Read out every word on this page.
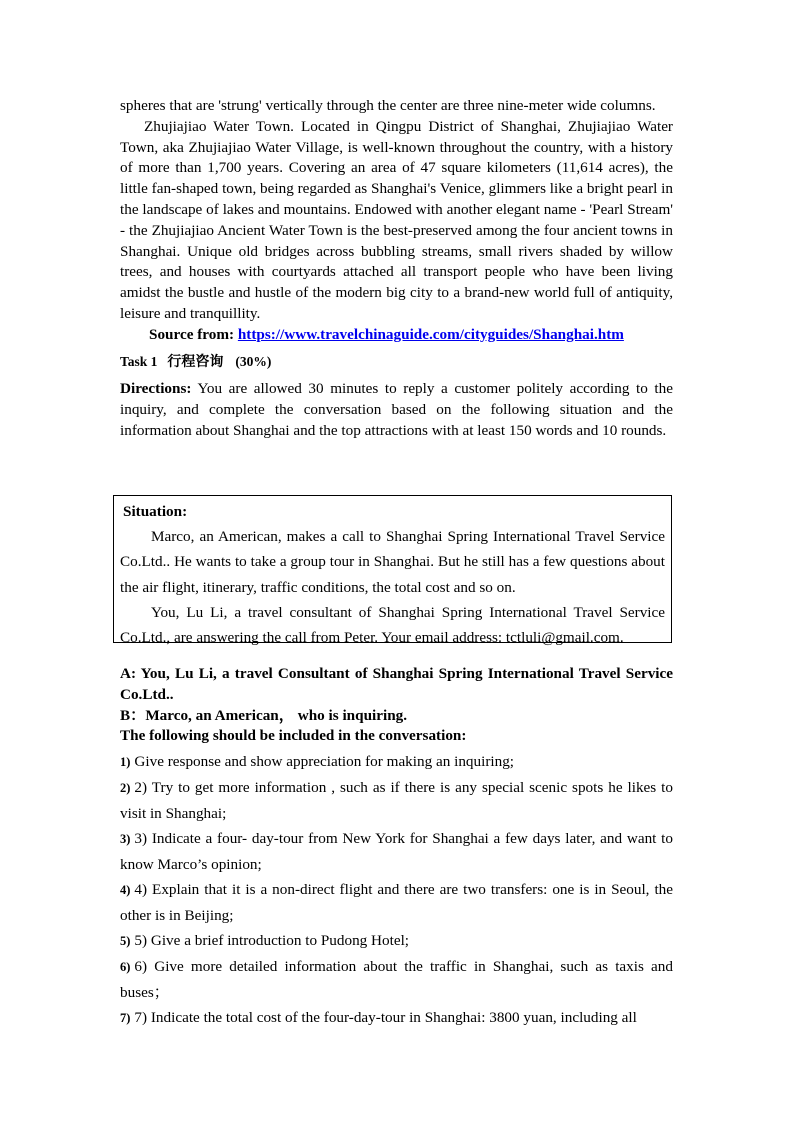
spheres that are 'strung' vertically through the center are three nine-meter wide columns.

Zhujiajiao Water Town. Located in Qingpu District of Shanghai, Zhujiajiao Water Town, aka Zhujiajiao Water Village, is well-known throughout the country, with a history of more than 1,700 years. Covering an area of 47 square kilometers (11,614 acres), the little fan-shaped town, being regarded as Shanghai's Venice, glimmers like a bright pearl in the landscape of lakes and mountains. Endowed with another elegant name - 'Pearl Stream' - the Zhujiajiao Ancient Water Town is the best-preserved among the four ancient towns in Shanghai. Unique old bridges across bubbling streams, small rivers shaded by willow trees, and houses with courtyards attached all transport people who have been living amidst the bustle and hustle of the modern big city to a brand-new world full of antiquity, leisure and tranquillity.

Source from: https://www.travelchinaguide.com/cityguides/Shanghai.htm

Task 1 行程咨询 (30%)

Directions: You are allowed 30 minutes to reply a customer politely according to the inquiry, and complete the conversation based on the following situation and the information about Shanghai and the top attractions with at least 150 words and 10 rounds.

Situation:

Marco, an American, makes a call to Shanghai Spring International Travel Service Co.Ltd.. He wants to take a group tour in Shanghai. But he still has a few questions about the air flight, itinerary, traffic conditions, the total cost and so on.

You, Lu Li, a travel consultant of Shanghai Spring International Travel Service Co.Ltd., are answering the call from Peter. Your email address: tctluli@gmail.com.

A: You, Lu Li, a travel Consultant of Shanghai Spring International Travel Service Co.Ltd..

B：Marco, an American， who is inquiring.

The following should be included in the conversation:

1) Give response and show appreciation for making an inquiring;

2) 2) Try to get more information , such as if there is any special scenic spots he likes to visit in Shanghai;

3) 3) Indicate a four- day-tour from New York for Shanghai a few days later, and want to know Marco’s opinion;

4) 4) Explain that it is a non-direct flight and there are two transfers: one is in Seoul, the other is in Beijing;

5) 5) Give a brief introduction to Pudong Hotel;

6) 6) Give more detailed information about the traffic in Shanghai, such as taxis and buses；

7) 7) Indicate the total cost of the four-day-tour in Shanghai: 3800 yuan, including all
